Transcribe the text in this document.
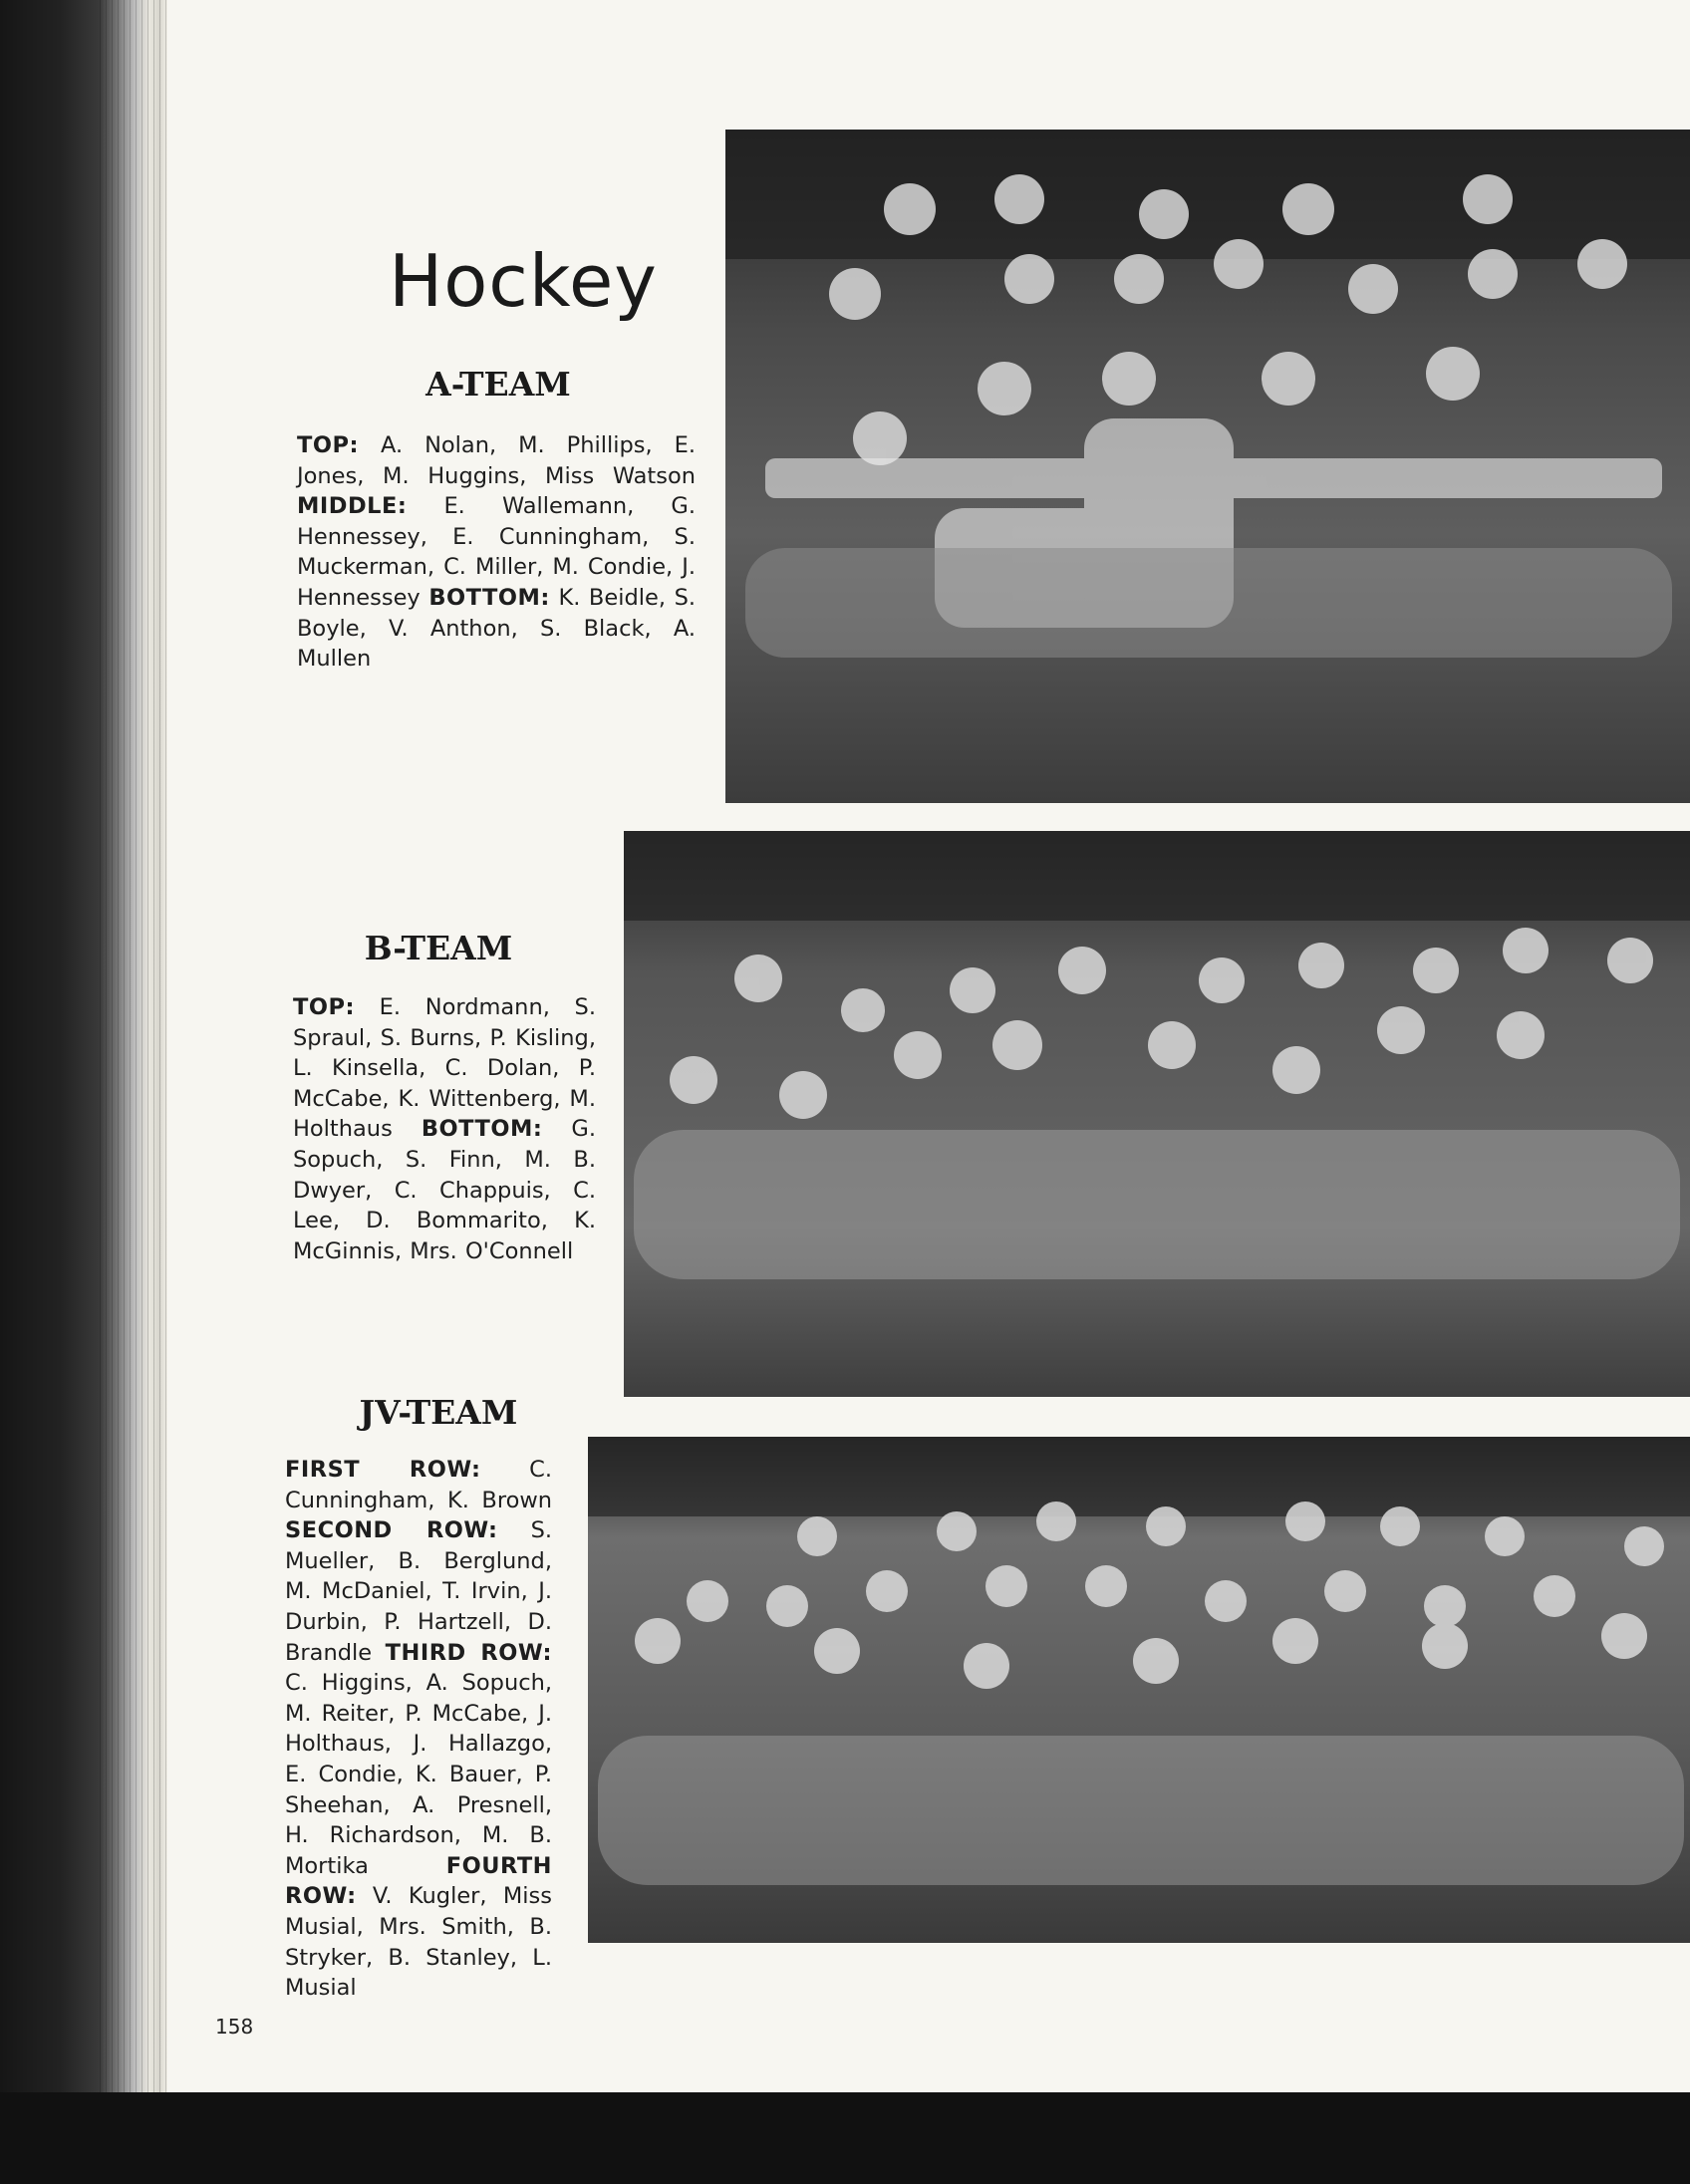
Hockey
A-TEAM
TOP: A. Nolan, M. Phillips, E. Jones, M. Huggins, Miss Watson MIDDLE: E. Wallemann, G. Hennessey, E. Cunningham, S. Muckerman, C. Miller, M. Condie, J. Hennessey BOTTOM: K. Beidle, S. Boyle, V. Anthon, S. Black, A. Mullen
B-TEAM
TOP: E. Nordmann, S. Spraul, S. Burns, P. Kisling, L. Kinsella, C. Dolan, P. McCabe, K. Wittenberg, M. Holthaus BOTTOM: G. Sopuch, S. Finn, M. B. Dwyer, C. Chappuis, C. Lee, D. Bommarito, K. McGinnis, Mrs. O'Connell
JV-TEAM
FIRST ROW: C. Cunningham, K. Brown SECOND ROW: S. Mueller, B. Berglund, M. McDaniel, T. Irvin, J. Durbin, P. Hartzell, D. Brandle THIRD ROW: C. Higgins, A. Sopuch, M. Reiter, P. McCabe, J. Holthaus, J. Hallazgo, E. Condie, K. Bauer, P. Sheehan, A. Presnell, H. Richardson, M. B. Mortika	FOURTH ROW: V. Kugler, Miss Musial, Mrs. Smith, B. Stryker, B. Stanley, L. Musial
158
